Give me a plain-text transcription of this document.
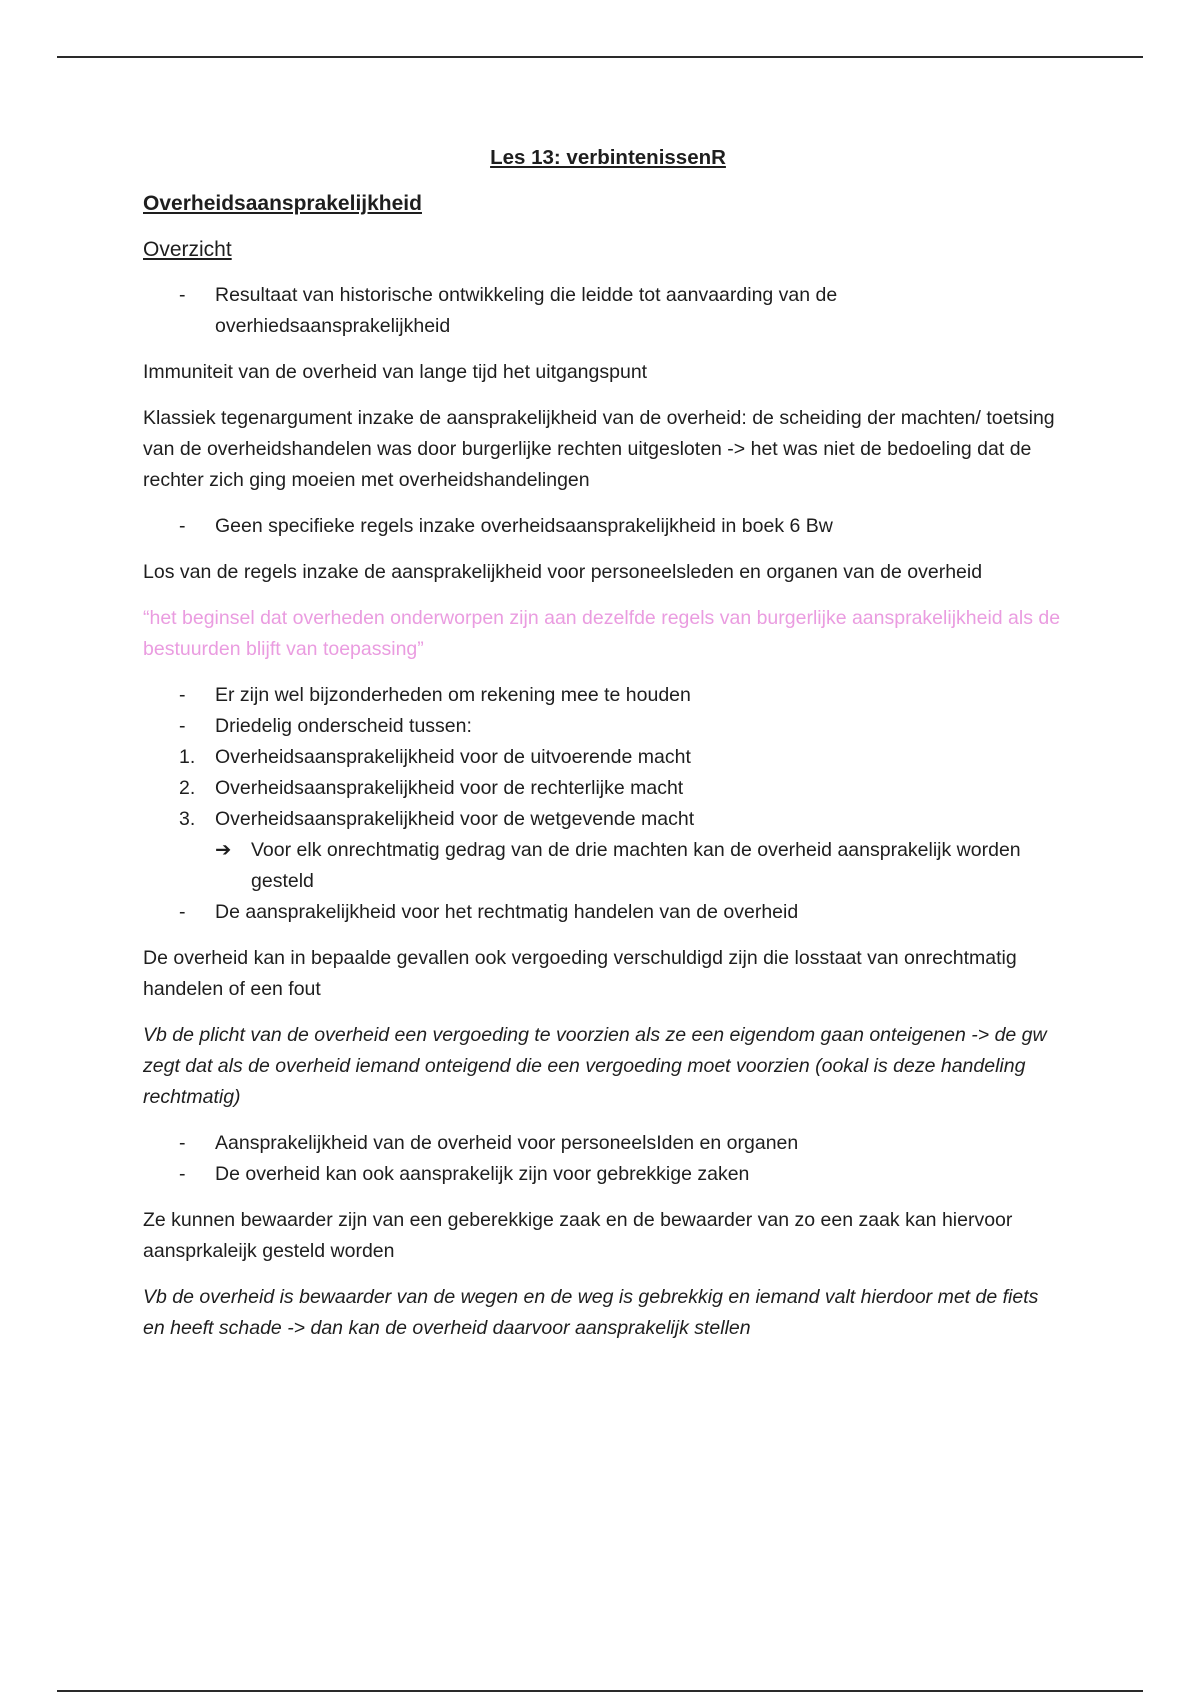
Les 13: verbintenissenR
Overheidsaansprakelijkheid
Overzicht
- Resultaat van historische ontwikkeling die leidde tot aanvaarding van de overhiedsaansprakelijkheid

Immuniteit van de overheid van lange tijd het uitgangspunt

Klassiek tegenargument inzake de aansprakelijkheid van de overheid: de scheiding der machten/ toetsing van de overheidshandelen was door burgerlijke rechten uitgesloten -> het was niet de bedoeling dat de rechter zich ging moeien met overheidshandelingen

- Geen specifieke regels inzake overheidsaansprakelijkheid in boek 6 Bw

Los van de regels inzake de aansprakelijkheid voor personeelsleden en organen van de overheid

“het beginsel dat overheden onderworpen zijn aan dezelfde regels van burgerlijke aansprakelijkheid als de bestuurden blijft van toepassing”

- Er zijn wel bijzonderheden om rekening mee te houden
- Driedelig onderscheid tussen:
1. Overheidsaansprakelijkheid voor de uitvoerende macht
2. Overheidsaansprakelijkheid voor de rechterlijke macht
3. Overheidsaansprakelijkheid voor de wetgevende macht
➔ Voor elk onrechtmatig gedrag van de drie machten kan de overheid aansprakelijk worden gesteld
- De aansprakelijkheid voor het rechtmatig handelen van de overheid

De overheid kan in bepaalde gevallen ook vergoeding verschuldigd zijn die losstaat van onrechtmatig handelen of een fout

Vb de plicht van de overheid een vergoeding te voorzien als ze een eigendom gaan onteigenen -> de gw zegt dat als de overheid iemand onteigend die een vergoeding moet voorzien (ookal is deze handeling rechtmatig)

- Aansprakelijkheid van de overheid voor personeelsIden en organen
- De overheid kan ook aansprakelijk zijn voor gebrekkige zaken

Ze kunnen bewaarder zijn van een geberekkige zaak en de bewaarder van zo een zaak kan hiervoor aansprkaleijk gesteld worden

Vb de overheid is bewaarder van de wegen en de weg is gebrekkig en iemand valt hierdoor met de fiets en heeft schade -> dan kan de overheid daarvoor aansprakelijk stellen
